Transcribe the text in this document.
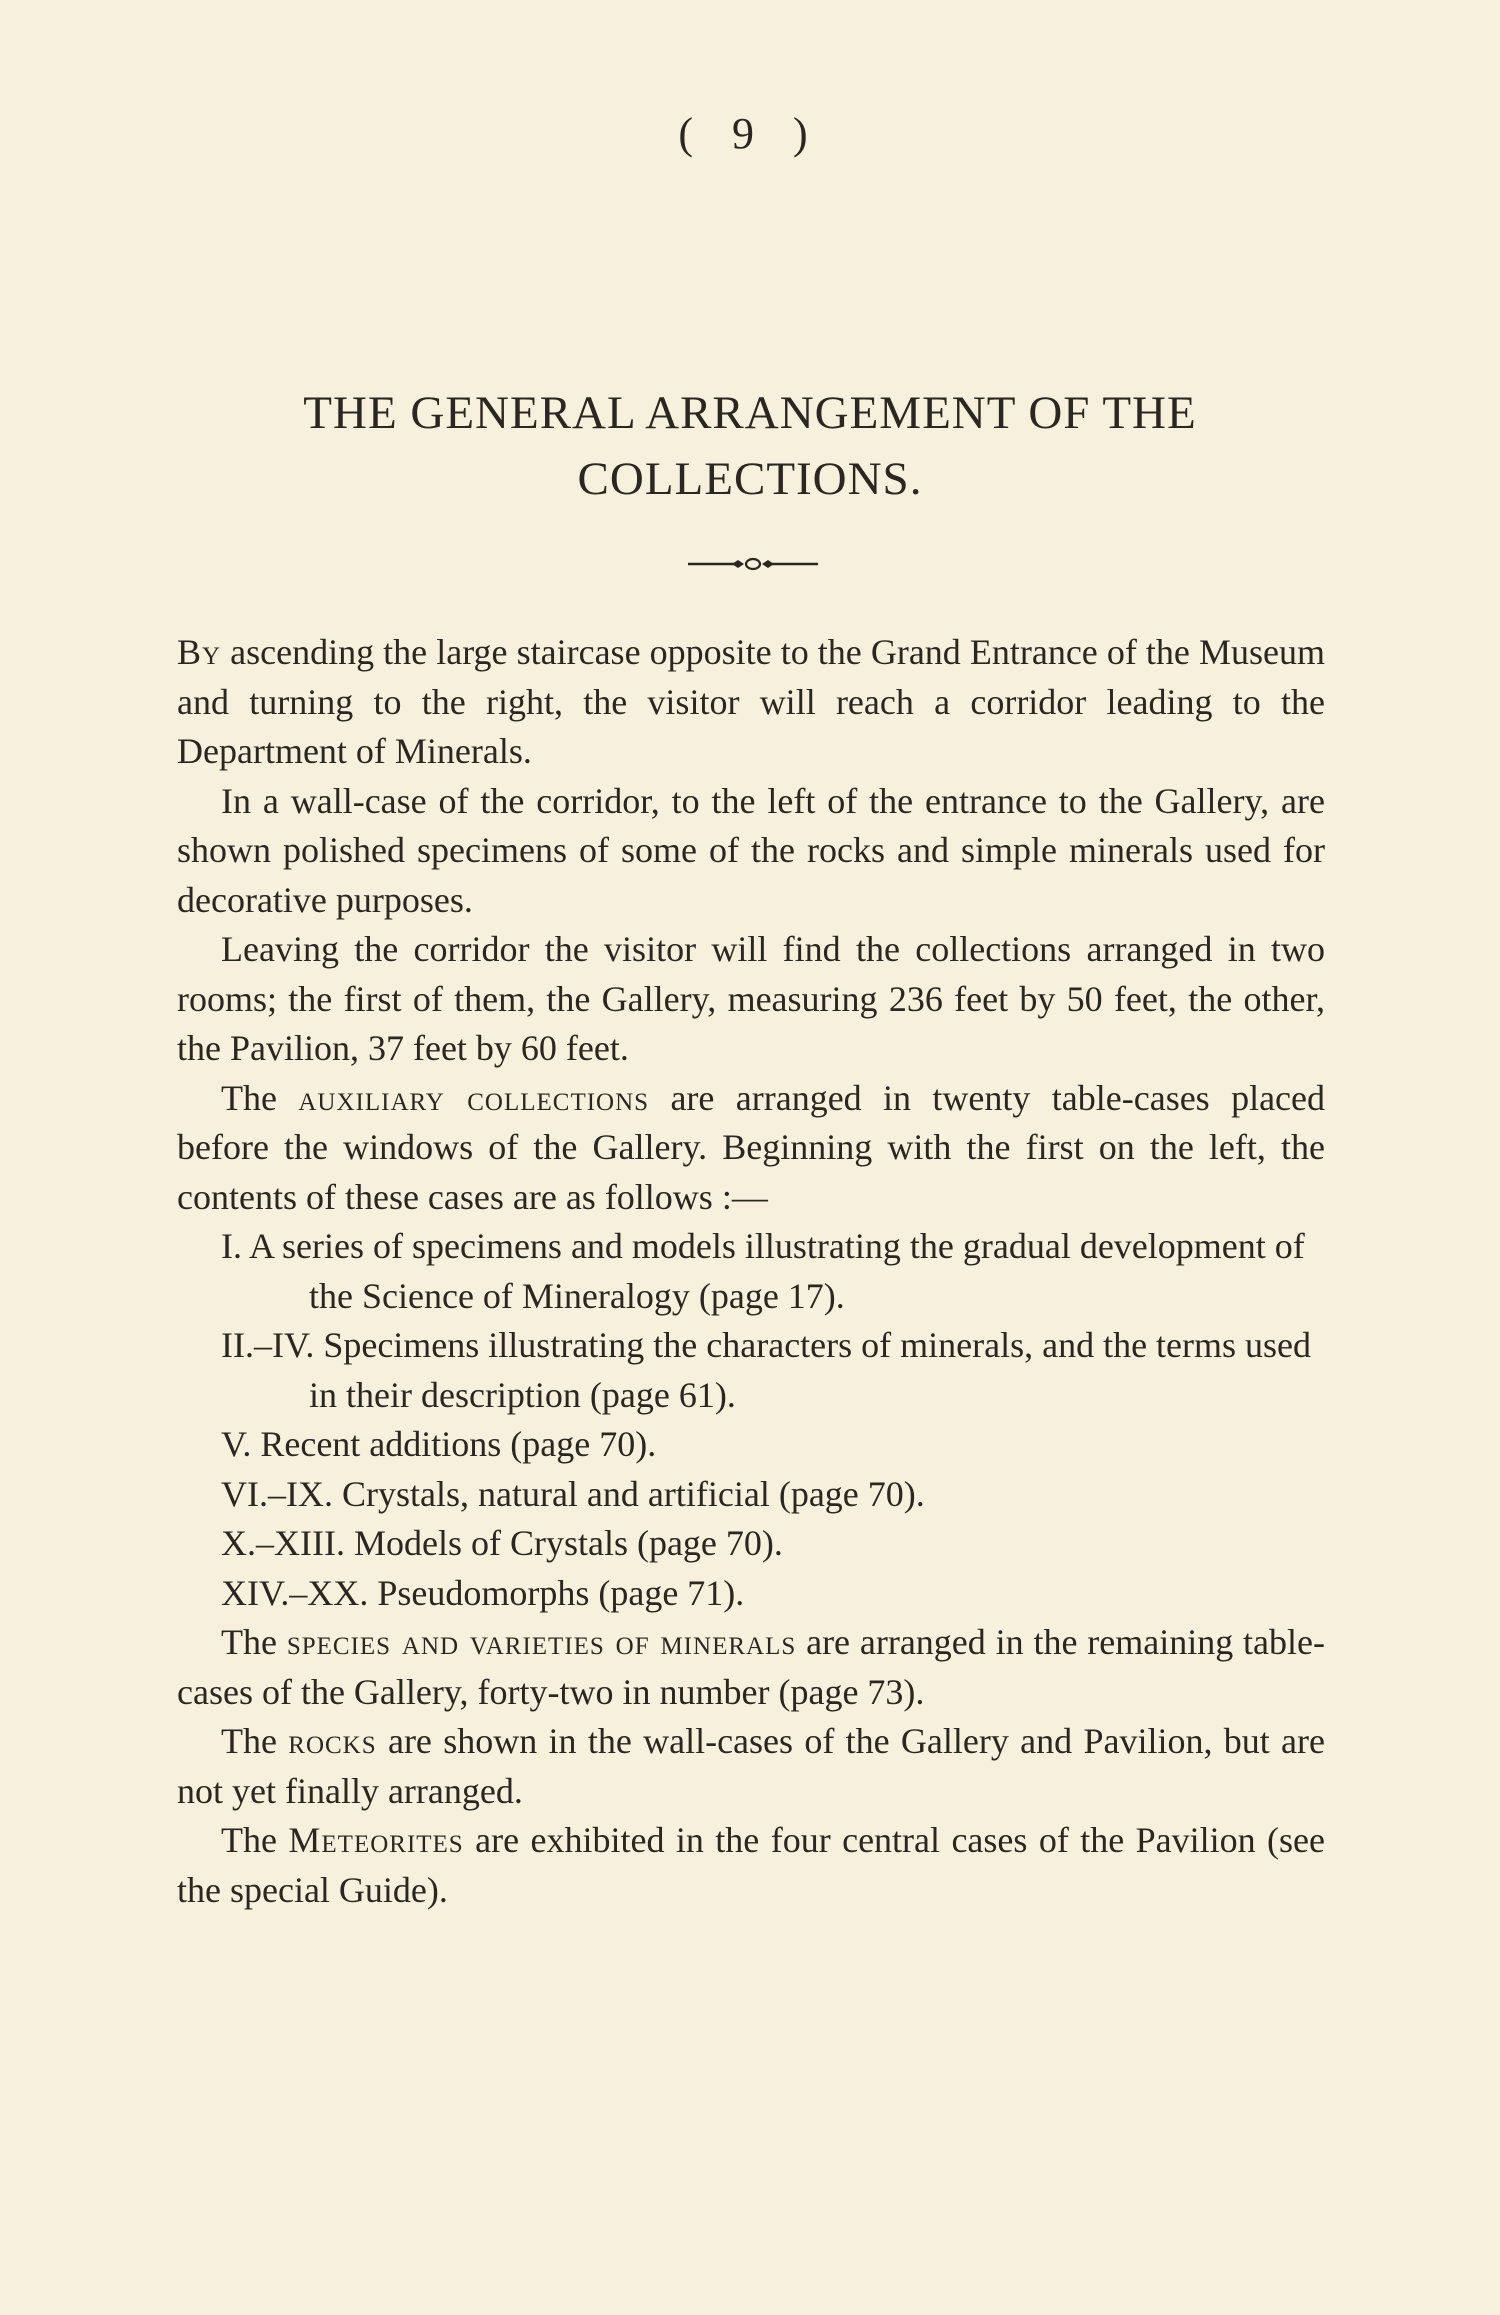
( 9 )
THE GENERAL ARRANGEMENT OF THE
COLLECTIONS.

By ascending the large staircase opposite to the Grand Entrance of the Museum and turning to the right, the visitor will reach a corridor leading to the Department of Minerals.

In a wall-case of the corridor, to the left of the entrance to the Gallery, are shown polished specimens of some of the rocks and simple minerals used for decorative purposes.

Leaving the corridor the visitor will find the collections arranged in two rooms; the first of them, the Gallery, measuring 236 feet by 50 feet, the other, the Pavilion, 37 feet by 60 feet.

The auxiliary collections are arranged in twenty table-cases placed before the windows of the Gallery. Beginning with the first on the left, the contents of these cases are as follows :—

I. A series of specimens and models illustrating the gradual development of the Science of Mineralogy (page 17).
II.–IV. Specimens illustrating the characters of minerals, and the terms used in their description (page 61).
V. Recent additions (page 70).
VI.–IX. Crystals, natural and artificial (page 70).
X.–XIII. Models of Crystals (page 70).
XIV.–XX. Pseudomorphs (page 71).

The species and varieties of minerals are arranged in the remaining table-cases of the Gallery, forty-two in number (page 73).

The rocks are shown in the wall-cases of the Gallery and Pavilion, but are not yet finally arranged.

The Meteorites are exhibited in the four central cases of the Pavilion (see the special Guide).
